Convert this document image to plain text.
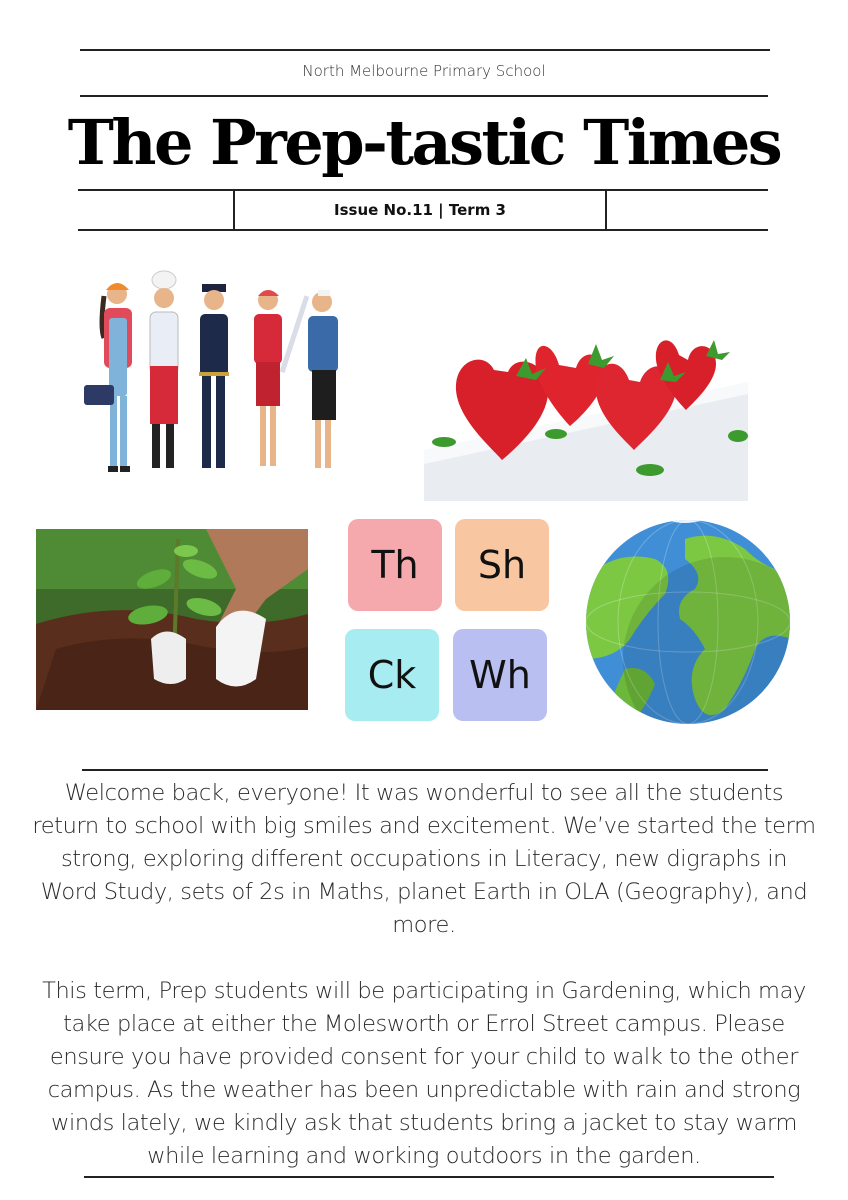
North Melbourne Primary School
The Prep-tastic Times
Issue No.11 | Term 3
Th	Sh
Ck	Wh

Welcome back, everyone! It was wonderful to see all the students return to school with big smiles and excitement. We’ve started the term strong, exploring different occupations in Literacy, new digraphs in Word Study, sets of 2s in Maths, planet Earth in OLA (Geography), and more.

This term, Prep students will be participating in Gardening, which may take place at either the Molesworth or Errol Street campus. Please ensure you have provided consent for your child to walk to the other campus. As the weather has been unpredictable with rain and strong winds lately, we kindly ask that students bring a jacket to stay warm while learning and working outdoors in the garden.
